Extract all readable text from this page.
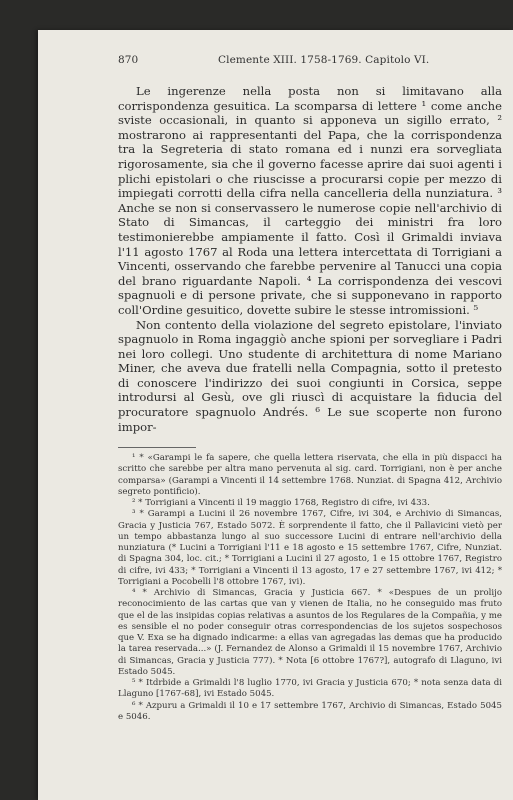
870	Clemente XIII. 1758-1769. Capitolo VI.

Le ingerenze nella posta non si limitavano alla corrispondenza gesuitica. La scomparsa di lettere ¹ come anche sviste occasionali, in quanto si apponeva un sigillo errato, ² mostrarono ai rappresentanti del Papa, che la corrispondenza tra la Segreteria di stato romana ed i nunzi era sorvegliata rigorosamente, sia che il governo facesse aprire dai suoi agenti i plichi epistolari o che riuscisse a procurarsi copie per mezzo di impiegati corrotti della cifra nella cancelleria della nunziatura. ³ Anche se non si conservassero le numerose copie nell'archivio di Stato di Simancas, il carteggio dei ministri fra loro testimonierebbe ampiamente il fatto. Così il Grimaldi inviava l'11 agosto 1767 al Roda una lettera intercettata di Torrigiani a Vincenti, osservando che farebbe pervenire al Tanucci una copia del brano riguardante Napoli. ⁴ La corrispondenza dei vescovi spagnuoli e di persone private, che si supponevano in rapporto coll'Ordine gesuitico, dovette subire le stesse intromissioni. ⁵

Non contento della violazione del segreto epistolare, l'inviato spagnuolo in Roma ingaggiò anche spioni per sorvegliare i Padri nei loro collegi. Uno studente di architettura di nome Mariano Miner, che aveva due fratelli nella Compagnia, sotto il pretesto di conoscere l'indirizzo dei suoi congiunti in Corsica, seppe introdursi al Gesù, ove gli riuscì di acquistare la fiducia del procuratore spagnuolo Andrés. ⁶ Le sue scoperte non furono impor-

¹ * «Garampi le fa sapere, che quella lettera riservata, che ella in più dispacci ha scritto che sarebbe per altra mano pervenuta al sig. card. Torrigiani, non è per anche comparsa» (Garampi a Vincenti il 14 settembre 1768. Nunziat. di Spagna 412, Archivio segreto pontificio).

² * Torrigiani a Vincenti il 19 maggio 1768, Registro di cifre, ivi 433.

³ * Garampi a Lucini il 26 novembre 1767, Cifre, ivi 304, e Archivio di Simancas, Gracia y Justicia 767, Estado 5072. È sorprendente il fatto, che il Pallavicini vietò per un tempo abbastanza lungo al suo successore Lucini di entrare nell'archivio della nunziatura (* Lucini a Torrigiani l'11 e 18 agosto e 15 settembre 1767, Cifre, Nunziat. di Spagna 304, loc. cit.; * Torrigiani a Lucini il 27 agosto, 1 e 15 ottobre 1767, Registro di cifre, ivi 433; * Torrigiani a Vincenti il 13 agosto, 17 e 27 settembre 1767, ivi 412; * Torrigiani a Pocobelli l'8 ottobre 1767, ivi).

⁴ * Archivio di Simancas, Gracia y Justicia 667. * «Despues de un prolijo reconocimiento de las cartas que van y vienen de Italia, no he conseguido mas fruto que el de las insipidas copias relativas a asuntos de los Regulares de la Compañia, y me es sensible el no poder conseguir otras correspondencias de los sujetos sospechosos que V. Exa se ha dignado indicarme: a ellas van agregadas las demas que ha producido la tarea reservada...» (J. Fernandez de Alonso a Grimaldi il 15 novembre 1767, Archivio di Simancas, Gracia y Justicia 777). * Nota [6 ottobre 1767?], autografo di Llaguno, ivi Estado 5045.

⁵ * Itdrbide a Grimaldi l'8 luglio 1770, ivi Gracia y Justicia 670; * nota senza data di Llaguno [1767-68], ivi Estado 5045.

⁶ * Azpuru a Grimaldi il 10 e 17 settembre 1767, Archivio di Simancas, Estado 5045 e 5046.
